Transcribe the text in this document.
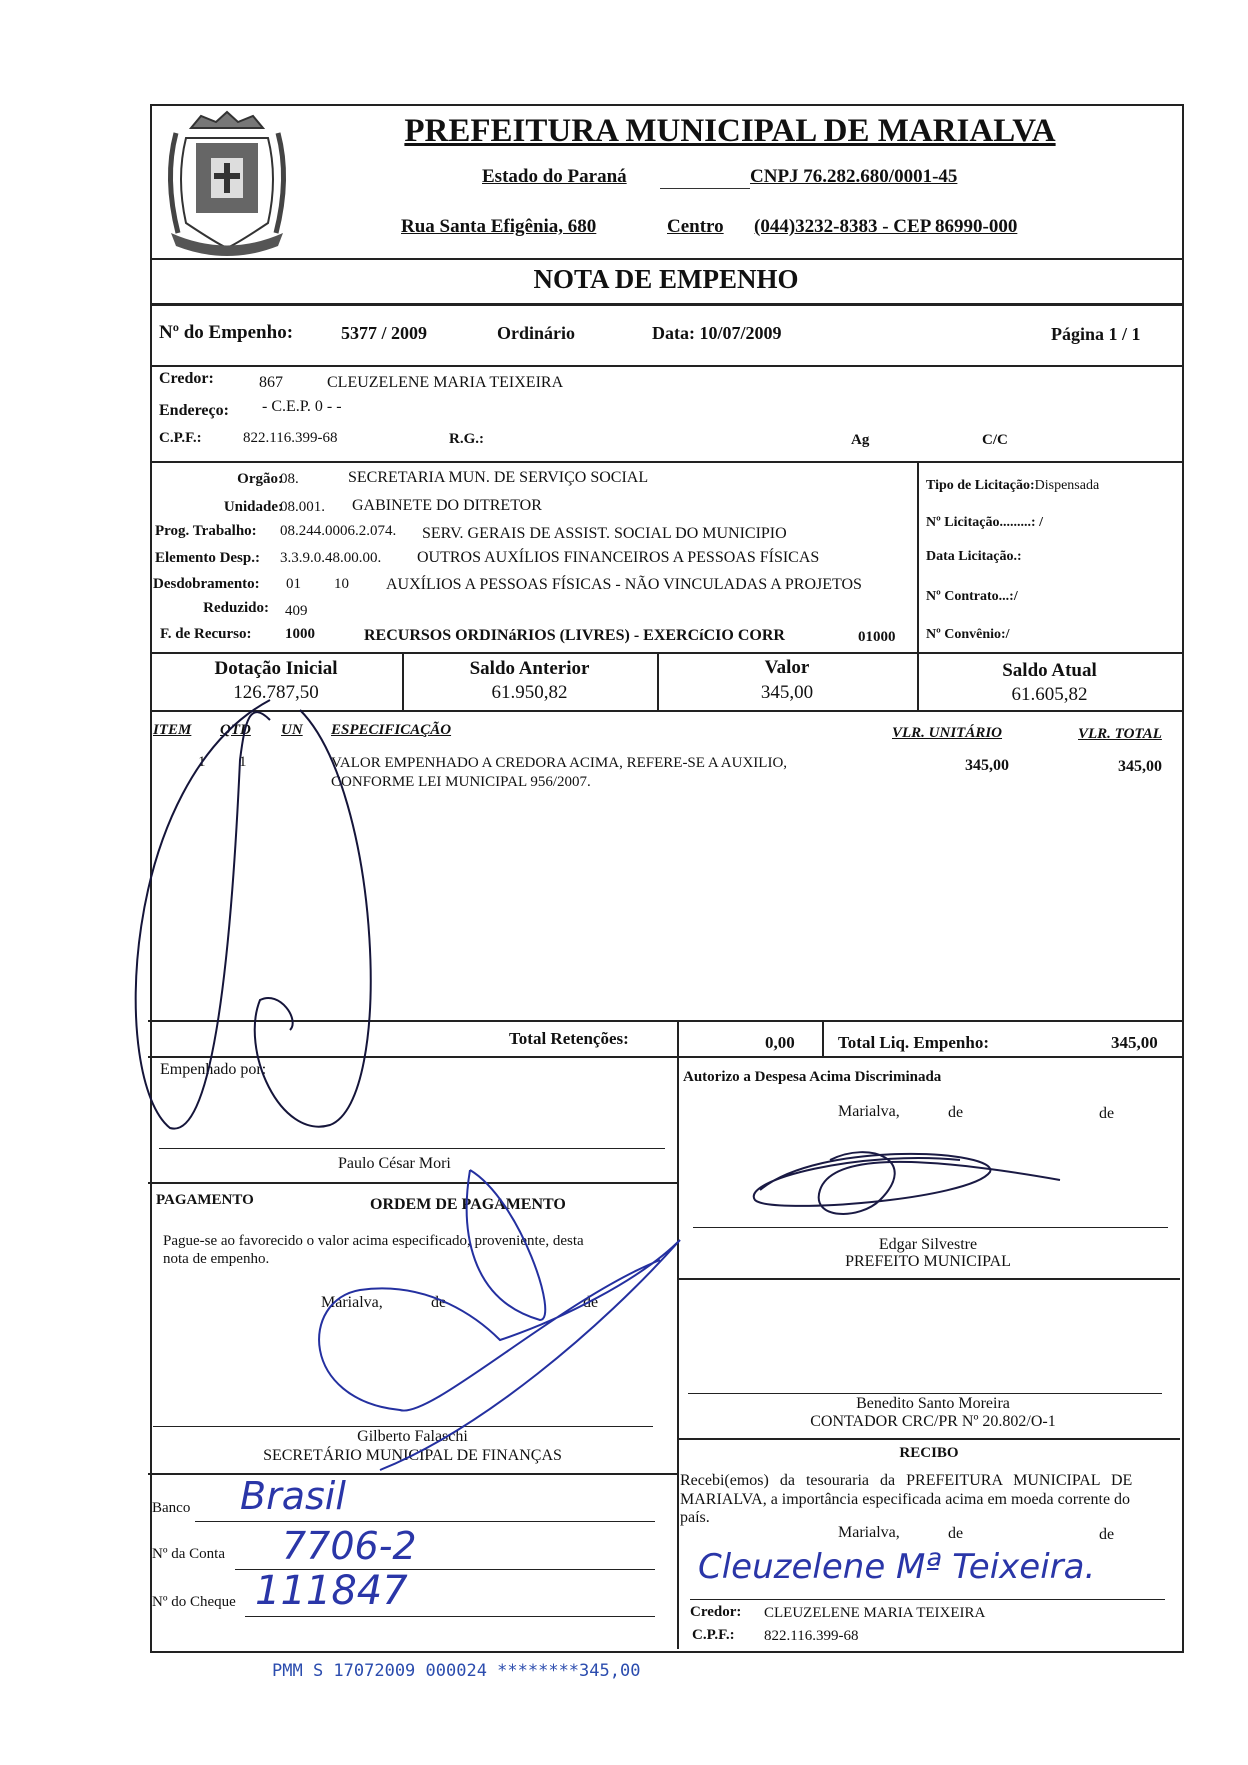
PREFEITURA MUNICIPAL DE MARIALVA
Estado do Paraná	CNPJ 76.282.680/0001-45
Rua Santa Efigênia, 680	Centro (044)3232-8383 - CEP 86990-000
NOTA DE EMPENHO
Nº do Empenho:	5377 / 2009	Ordinário	Data: 10/07/2009	Página 1 / 1
Credor:	867	CLEUZELENE MARIA TEIXEIRA
Endereço: - C.E.P. 0 - -
C.P.F.:	822.116.399-68	R.G.:	Ag	C/C
Orgão:
08.	SECRETARIA MUN. DE SERVIÇO SOCIAL
Unidade:
08.001. GABINETE DO DITRETOR
Prog. Trabalho: 08.244.0006.2.074. SERV. GERAIS DE ASSIST. SOCIAL DO MUNICIPIO
Elemento Desp.: 3.3.9.0.48.00.00. OUTROS AUXÍLIOS FINANCEIROS A PESSOAS FÍSICAS
Desdobramento: 01 10 AUXÍLIOS A PESSOAS FÍSICAS - NÃO VINCULADAS A PROJETOS
Reduzido: 409
F. de Recurso: 1000	RECURSOS ORDINáRIOS (LIVRES) - EXERCíCIO CORR	01000
Tipo de Licitação:Dispensada
Nº Licitação.........: /
Data Licitação.:
Nº Contrato...:/
Nº Convênio:/
Dotação Inicial
126.787,50
Saldo Anterior
61.950,82
Valor
345,00
Saldo Atual
61.605,82
ITEM QTD UN ESPECIFICAÇÃO	VLR. UNITÁRIO	VLR. TOTAL
1 1	VALOR EMPENHADO A CREDORA ACIMA, REFERE-SE A AUXILIO,
CONFORME LEI MUNICIPAL 956/2007.
345,00	345,00
Total Retenções:	0,00	Total Liq. Empenho:	345,00
Empenhado por:
Paulo César Mori
Autorizo a Despesa Acima Discriminada
Marialva,	de	de
Edgar Silvestre
PREFEITO MUNICIPAL
Benedito Santo Moreira
CONTADOR CRC/PR Nº 20.802/O-1
RECIBO
Recebi(emos) da tesouraria da PREFEITURA MUNICIPAL DE
MARIALVA, a importância especificada acima em moeda corrente do
país.
Marialva,	de	de
Cleuzelene Mª Teixeira.
Credor: CLEUZELENE MARIA TEIXEIRA
C.P.F.: 822.116.399-68
PAGAMENTO	ORDEM DE PAGAMENTO
Pague-se ao favorecido o valor acima especificado, proveniente, desta
nota de empenho.
Marialva,	de	de
Gilberto Falaschi
SECRETÁRIO MUNICIPAL DE FINANÇAS
Banco Brasil
Nº da Conta 7706-2
Nº do Cheque 111847
PMM S 17072009 000024 ********345,00
